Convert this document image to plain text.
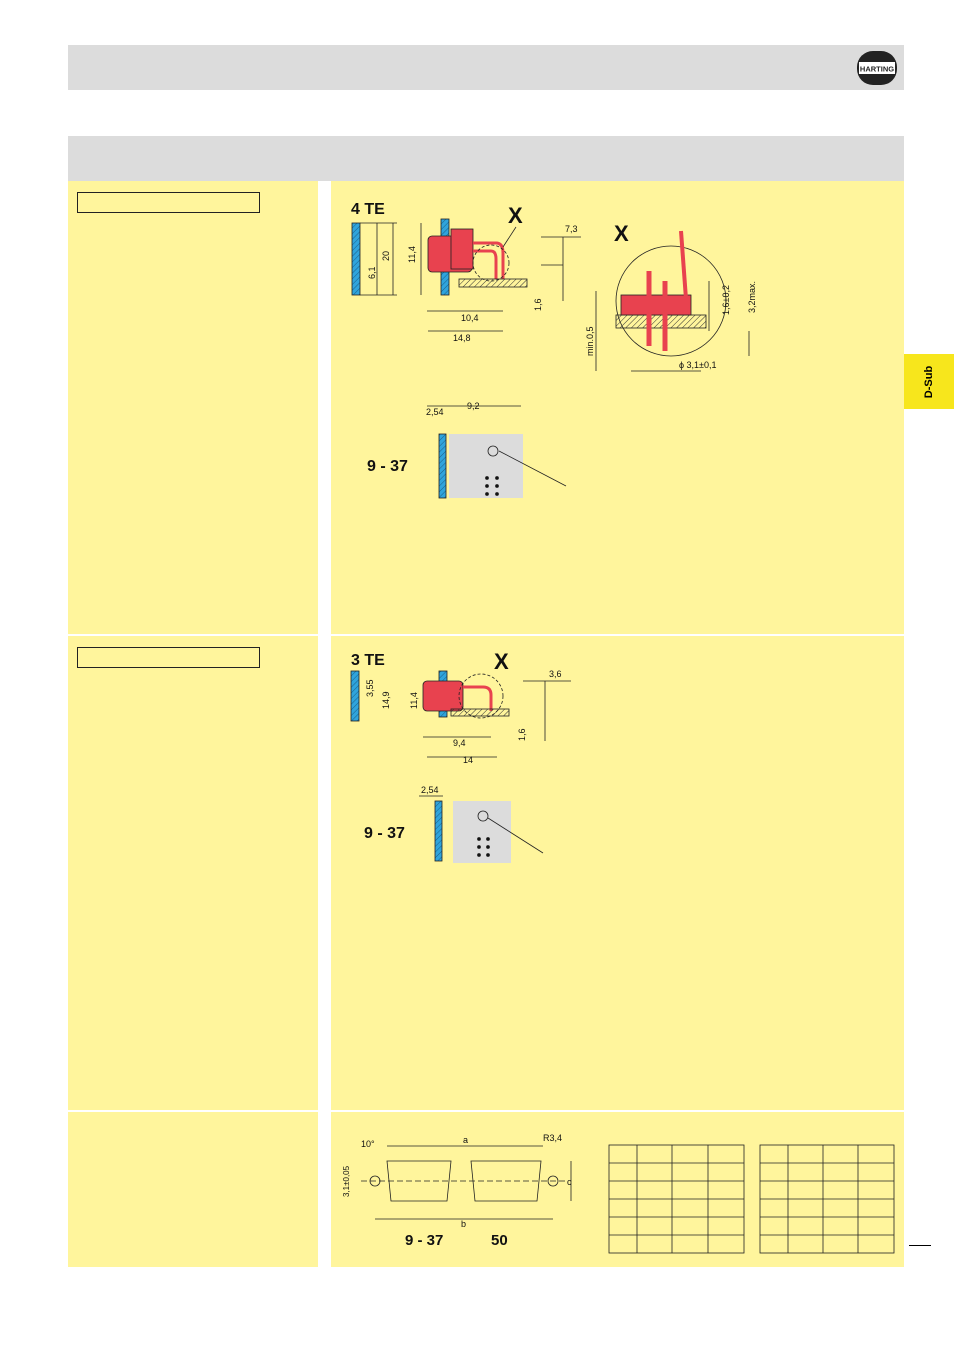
HARTING
D-Sub
4 TE
20
6,1
11,4
X
7,3
1,6
10,4
14,8
X
min.0,5
1,6±0,2 3,2max.
ϕ 3,1±0,1
9 - 37
2,54
9,2
3 TE
3,55
14,9 11,4
X	3,6
1,6
9,4
14
9 - 37
2,54
a
b
c
10°
R3,4
3,1±0,05
9 - 37	50
